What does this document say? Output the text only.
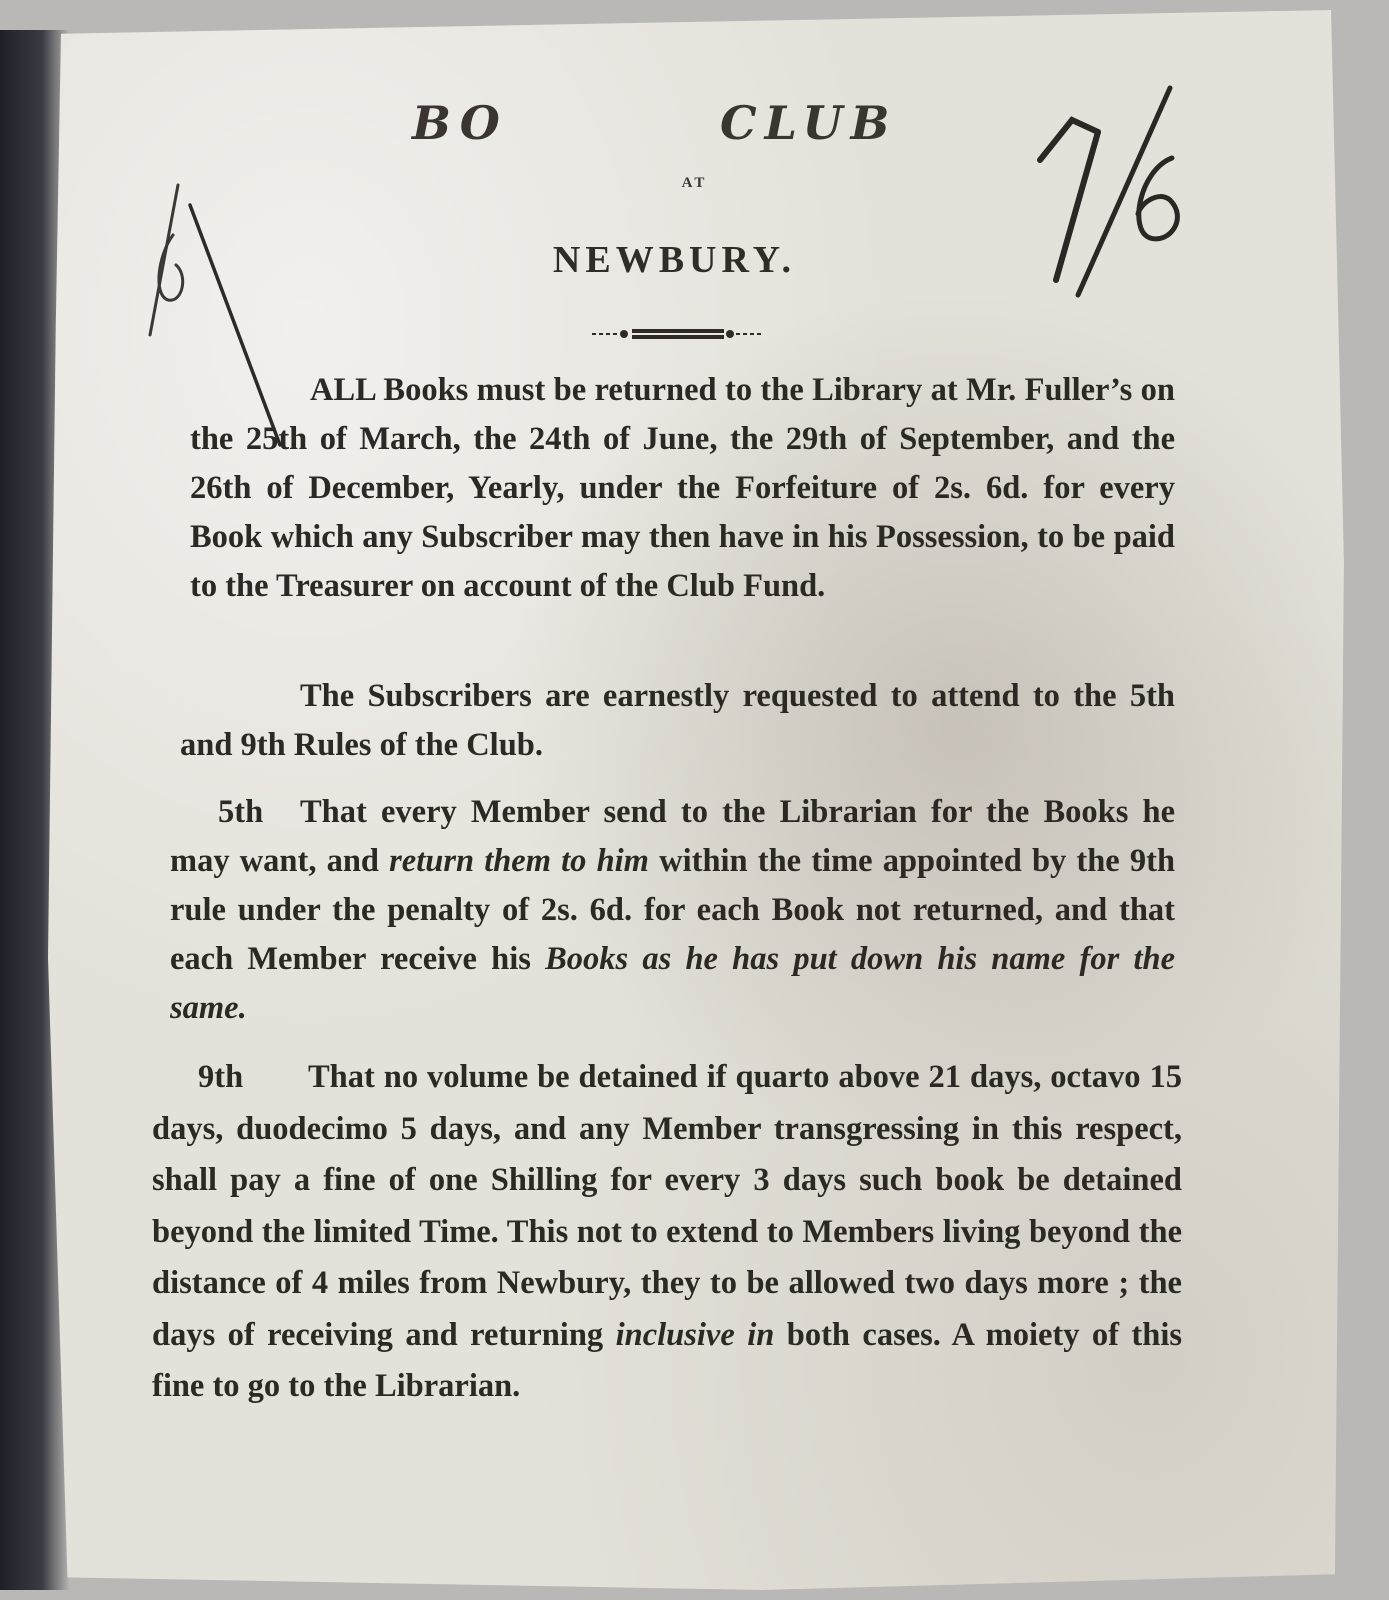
BO	CLUB
AT
NEWBURY.
ALL Books must be returned to the Library at Mr. Fuller’s on the 25th of March, the 24th of June, the 29th of September, and the 26th of December, Yearly, under the Forfeiture of 2s. 6d. for every Book which any Subscriber may then have in his Possession, to be paid to the Treasurer on account of the Club Fund.
The Subscribers are earnestly requested to attend to the 5th and 9th Rules of the Club.
5th That every Member send to the Librarian for the Books he may want, and return them to him within the time appointed by the 9th rule under the penalty of 2s. 6d. for each Book not returned, and that each Member receive his Books as he has put down his name for the same.
9th That no volume be detained if quarto above 21 days, octavo 15 days, duodecimo 5 days, and any Member transgressing in this respect, shall pay a fine of one Shilling for every 3 days such book be detained beyond the limited Time. This not to extend to Members living beyond the distance of 4 miles from Newbury, they to be allowed two days more ; the days of receiving and returning inclusive in both cases. A moiety of this fine to go to the Librarian.
